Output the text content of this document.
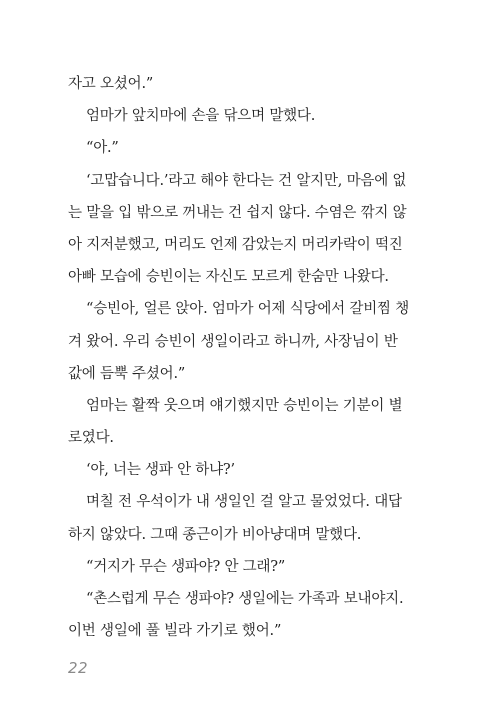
자고 오셨어.”
엄마가 앞치마에 손을 닦으며 말했다.
“아.”
‘고맙습니다.’라고 해야 한다는 건 알지만, 마음에 없
는 말을 입 밖으로 꺼내는 건 쉽지 않다. 수염은 깎지 않
아 지저분했고, 머리도 언제 감았는지 머리카락이 떡진
아빠 모습에 승빈이는 자신도 모르게 한숨만 나왔다.
“승빈아, 얼른 앉아. 엄마가 어제 식당에서 갈비찜 챙
겨 왔어. 우리 승빈이 생일이라고 하니까, 사장님이 반
값에 듬뿍 주셨어.”
엄마는 활짝 웃으며 얘기했지만 승빈이는 기분이 별
로였다.
‘야, 너는 생파 안 하냐?’
며칠 전 우석이가 내 생일인 걸 알고 물었었다. 대답
하지 않았다. 그때 종근이가 비아냥대며 말했다.
“거지가 무슨 생파야? 안 그래?”
“촌스럽게 무슨 생파야? 생일에는 가족과 보내야지.
이번 생일에 풀 빌라 가기로 했어.”
22
